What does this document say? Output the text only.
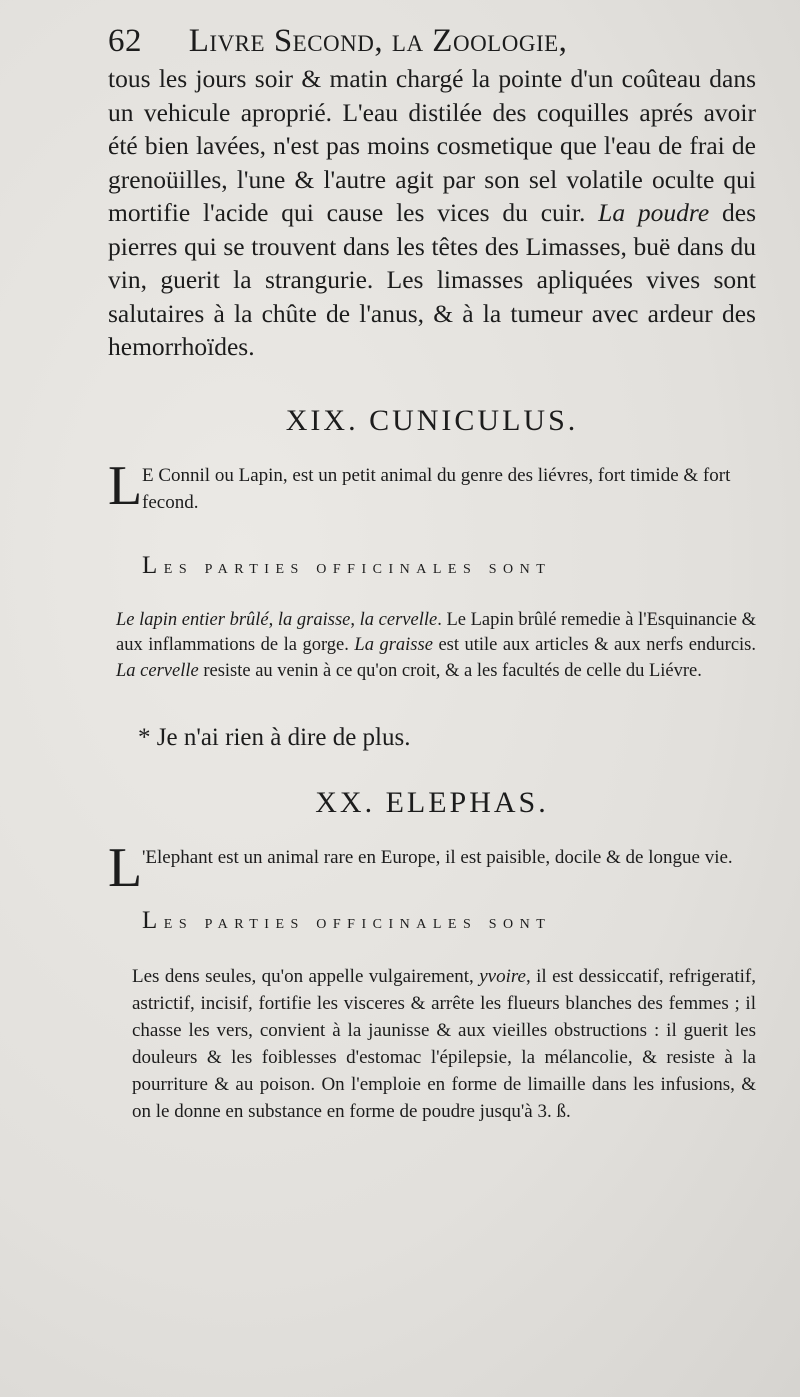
62 Livre Second, la Zoologie,

tous les jours soir & matin chargé la pointe d'un coûteau dans un vehicule aproprié. L'eau distilée des coquilles aprés avoir été bien lavées, n'est pas moins cosmetique que l'eau de frai de grenoüilles, l'une & l'autre agit par son sel volatile oculte qui mortifie l'acide qui cause les vices du cuir. La poudre des pierres qui se trouvent dans les têtes des Limasses, buë dans du vin, guerit la strangurie. Les limasses apliquées vives sont salutaires à la chûte de l'anus, & à la tumeur avec ardeur des hemorrhoïdes.

XIX. CUNICULUS.

L E Connil ou Lapin, est un petit animal du genre des liévres, fort timide & fort fecond.

Les parties officinales sont

Le lapin entier brûlé, la graisse, la cervelle. Le Lapin brûlé remedie à l'Esquinancie & aux inflammations de la gorge. La graisse est utile aux articles & aux nerfs endurcis. La cervelle resiste au venin à ce qu'on croit, & a les facultés de celle du Liévre.

* Je n'ai rien à dire de plus.
XX. ELEPHAS.

L 'Elephant est un animal rare en Europe, il est paisible, docile & de longue vie.

Les parties officinales sont

Les dens seules, qu'on appelle vulgairement, yvoire, il est dessiccatif, refrigeratif, astrictif, incisif, fortifie les visceres & arrête les flueurs blanches des femmes ; il chasse les vers, convient à la jaunisse & aux vieilles obstructions : il guerit les douleurs & les foiblesses d'estomac l'épilepsie, la mélancolie, & resiste à la pourriture & au poison. On l'emploie en forme de limaille dans les infusions, & on le donne en substance en forme de poudre jusqu'à 3. ß.
